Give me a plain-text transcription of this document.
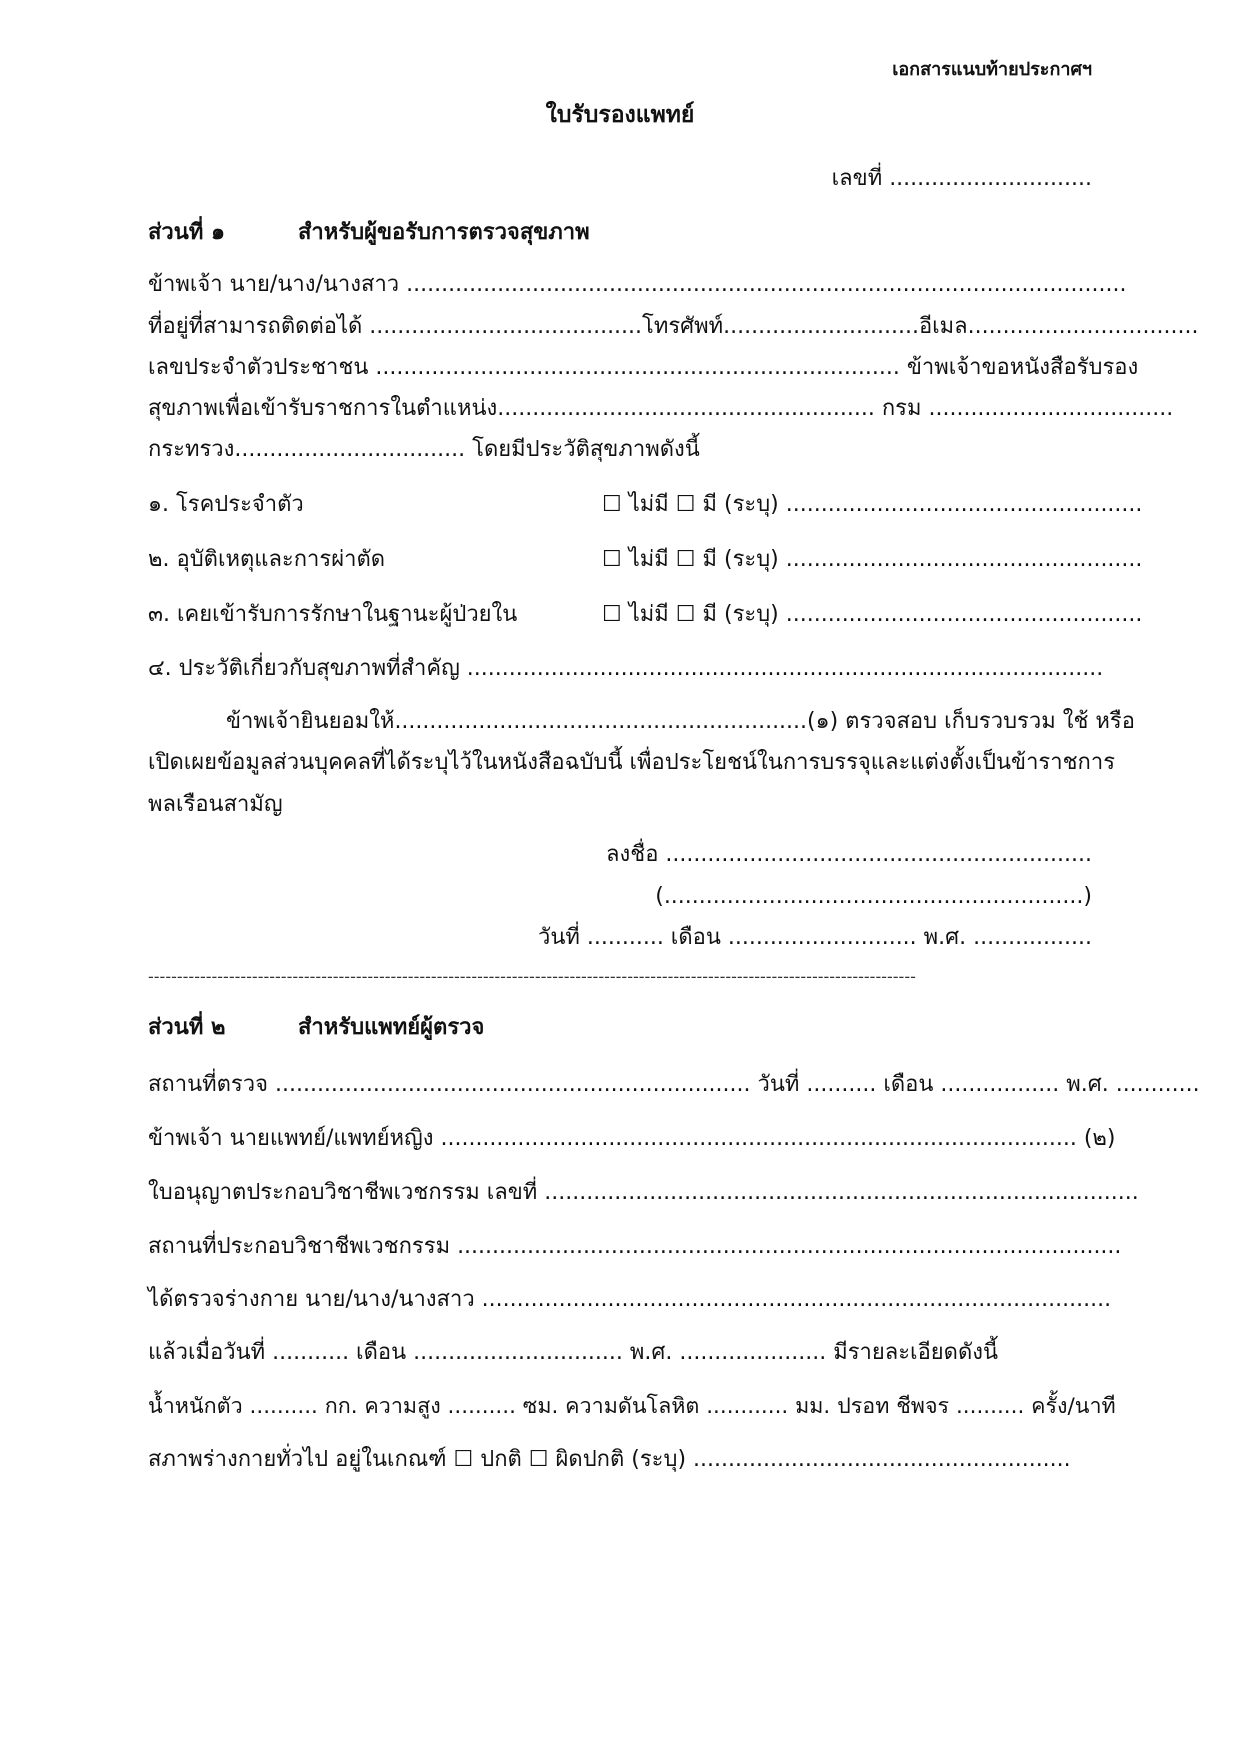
เอกสารแนบท้ายประกาศฯ
ใบรับรองแพทย์
เลขที่ .............................
ส่วนที่ ๑	สำหรับผู้ขอรับการตรวจสุขภาพ
ข้าพเจ้า นาย/นาง/นางสาว .......................................................................................................
ที่อยู่ที่สามารถติดต่อได้ .......................................โทรศัพท์............................อีเมล.................................
เลขประจำตัวประชาชน ........................................................................... ข้าพเจ้าขอหนังสือรับรอง
สุขภาพเพื่อเข้ารับราชการในตำแหน่ง...................................................... กรม ...................................
กระทรวง................................. โดยมีประวัติสุขภาพดังนี้
๑. โรคประจำตัว	☐ ไม่มี ☐ มี (ระบุ) ...................................................
๒. อุบัติเหตุและการผ่าตัด	☐ ไม่มี ☐ มี (ระบุ) ...................................................
๓. เคยเข้ารับการรักษาในฐานะผู้ป่วยใน	☐ ไม่มี ☐ มี (ระบุ) ...................................................
๔. ประวัติเกี่ยวกับสุขภาพที่สำคัญ ...........................................................................................
ข้าพเจ้ายินยอมให้...........................................................(๑) ตรวจสอบ เก็บรวบรวม ใช้ หรือ
เปิดเผยข้อมูลส่วนบุคคลที่ได้ระบุไว้ในหนังสือฉบับนี้ เพื่อประโยชน์ในการบรรจุและแต่งตั้งเป็นข้าราชการ
พลเรือนสามัญ
ลงชื่อ .............................................................
(............................................................)
วันที่ ........... เดือน ........................... พ.ศ. .................
-------------------------------------------------------------------------------------------------------------------------------------
ส่วนที่ ๒	สำหรับแพทย์ผู้ตรวจ
สถานที่ตรวจ .................................................................... วันที่ .......... เดือน ................. พ.ศ. ............
ข้าพเจ้า นายแพทย์/แพทย์หญิง ........................................................................................... (๒)
ใบอนุญาตประกอบวิชาชีพเวชกรรม เลขที่ .....................................................................................
สถานที่ประกอบวิชาชีพเวชกรรม ...............................................................................................
ได้ตรวจร่างกาย นาย/นาง/นางสาว ..........................................................................................
แล้วเมื่อวันที่ ........... เดือน .............................. พ.ศ. ..................... มีรายละเอียดดังนี้
น้ำหนักตัว .......... กก. ความสูง .......... ซม. ความดันโลหิต ............ มม. ปรอท ชีพจร .......... ครั้ง/นาที
สภาพร่างกายทั่วไป อยู่ในเกณฑ์ ☐ ปกติ ☐ ผิดปกติ (ระบุ) ......................................................
